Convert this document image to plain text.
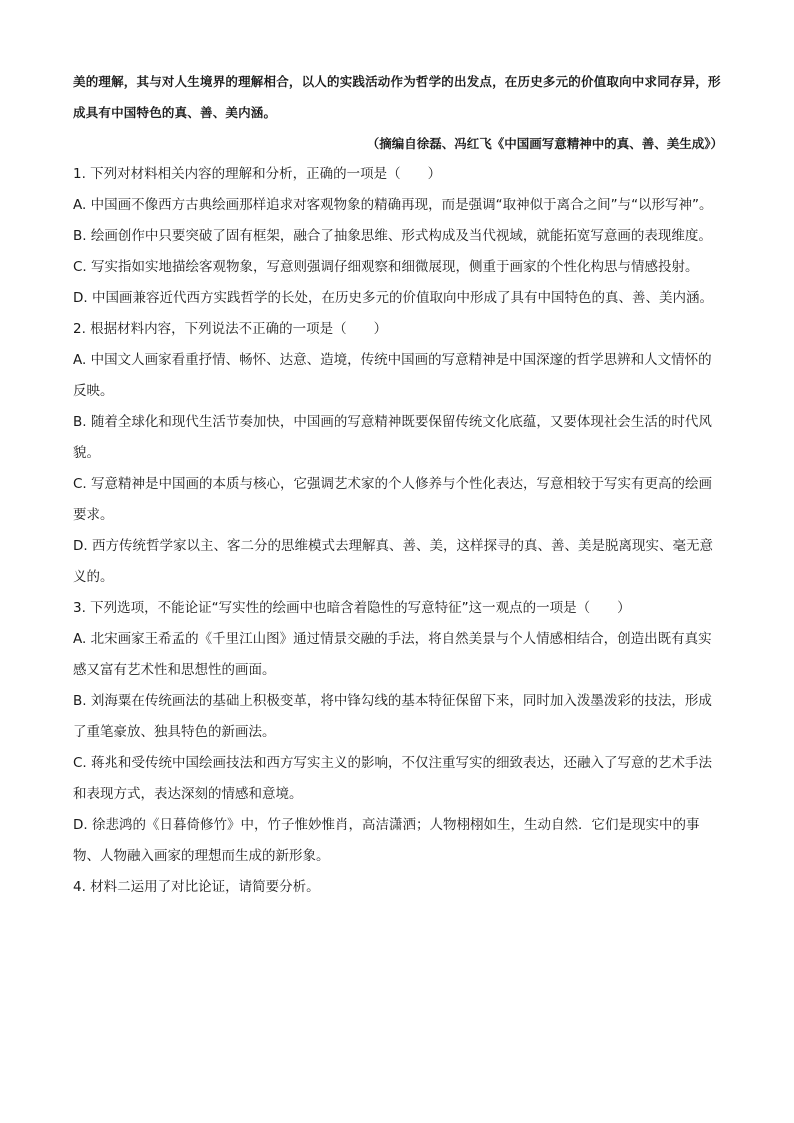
美的理解，其与对人生境界的理解相合，以人的实践活动作为哲学的出发点，在历史多元的价值取向中求同存异，形成具有中国特色的真、善、美内涵。

（摘编自徐磊、冯红飞《中国画写意精神中的真、善、美生成》）

1. 下列对材料相关内容的理解和分析，正确的一项是（　　）

A. 中国画不像西方古典绘画那样追求对客观物象的精确再现，而是强调“取神似于离合之间”与“以形写神”。

B. 绘画创作中只要突破了固有框架，融合了抽象思维、形式构成及当代视域，就能拓宽写意画的表现维度。

C. 写实指如实地描绘客观物象，写意则强调仔细观察和细微展现，侧重于画家的个性化构思与情感投射。

D. 中国画兼容近代西方实践哲学的长处，在历史多元的价值取向中形成了具有中国特色的真、善、美内涵。

2. 根据材料内容，下列说法不正确的一项是（　　）

A. 中国文人画家看重抒情、畅怀、达意、造境，传统中国画的写意精神是中国深邃的哲学思辨和人文情怀的反映。

B. 随着全球化和现代生活节奏加快，中国画的写意精神既要保留传统文化底蕴，又要体现社会生活的时代风貌。

C. 写意精神是中国画的本质与核心，它强调艺术家的个人修养与个性化表达，写意相较于写实有更高的绘画要求。

D. 西方传统哲学家以主、客二分的思维模式去理解真、善、美，这样探寻的真、善、美是脱离现实、毫无意义的。

3. 下列选项，不能论证“写实性的绘画中也暗含着隐性的写意特征”这一观点的一项是（　　）

A. 北宋画家王希孟的《千里江山图》通过情景交融的手法，将自然美景与个人情感相结合，创造出既有真实感又富有艺术性和思想性的画面。

B. 刘海粟在传统画法的基础上积极变革，将中锋勾线的基本特征保留下来，同时加入泼墨泼彩的技法，形成了重笔豪放、独具特色的新画法。

C. 蒋兆和受传统中国绘画技法和西方写实主义的影响，不仅注重写实的细致表达，还融入了写意的艺术手法和表现方式，表达深刻的情感和意境。

D. 徐悲鸿的《日暮倚修竹》中，竹子惟妙惟肖，高洁潇洒；人物栩栩如生，生动自然．它们是现实中的事物、人物融入画家的理想而生成的新形象。

4. 材料二运用了对比论证，请简要分析。
